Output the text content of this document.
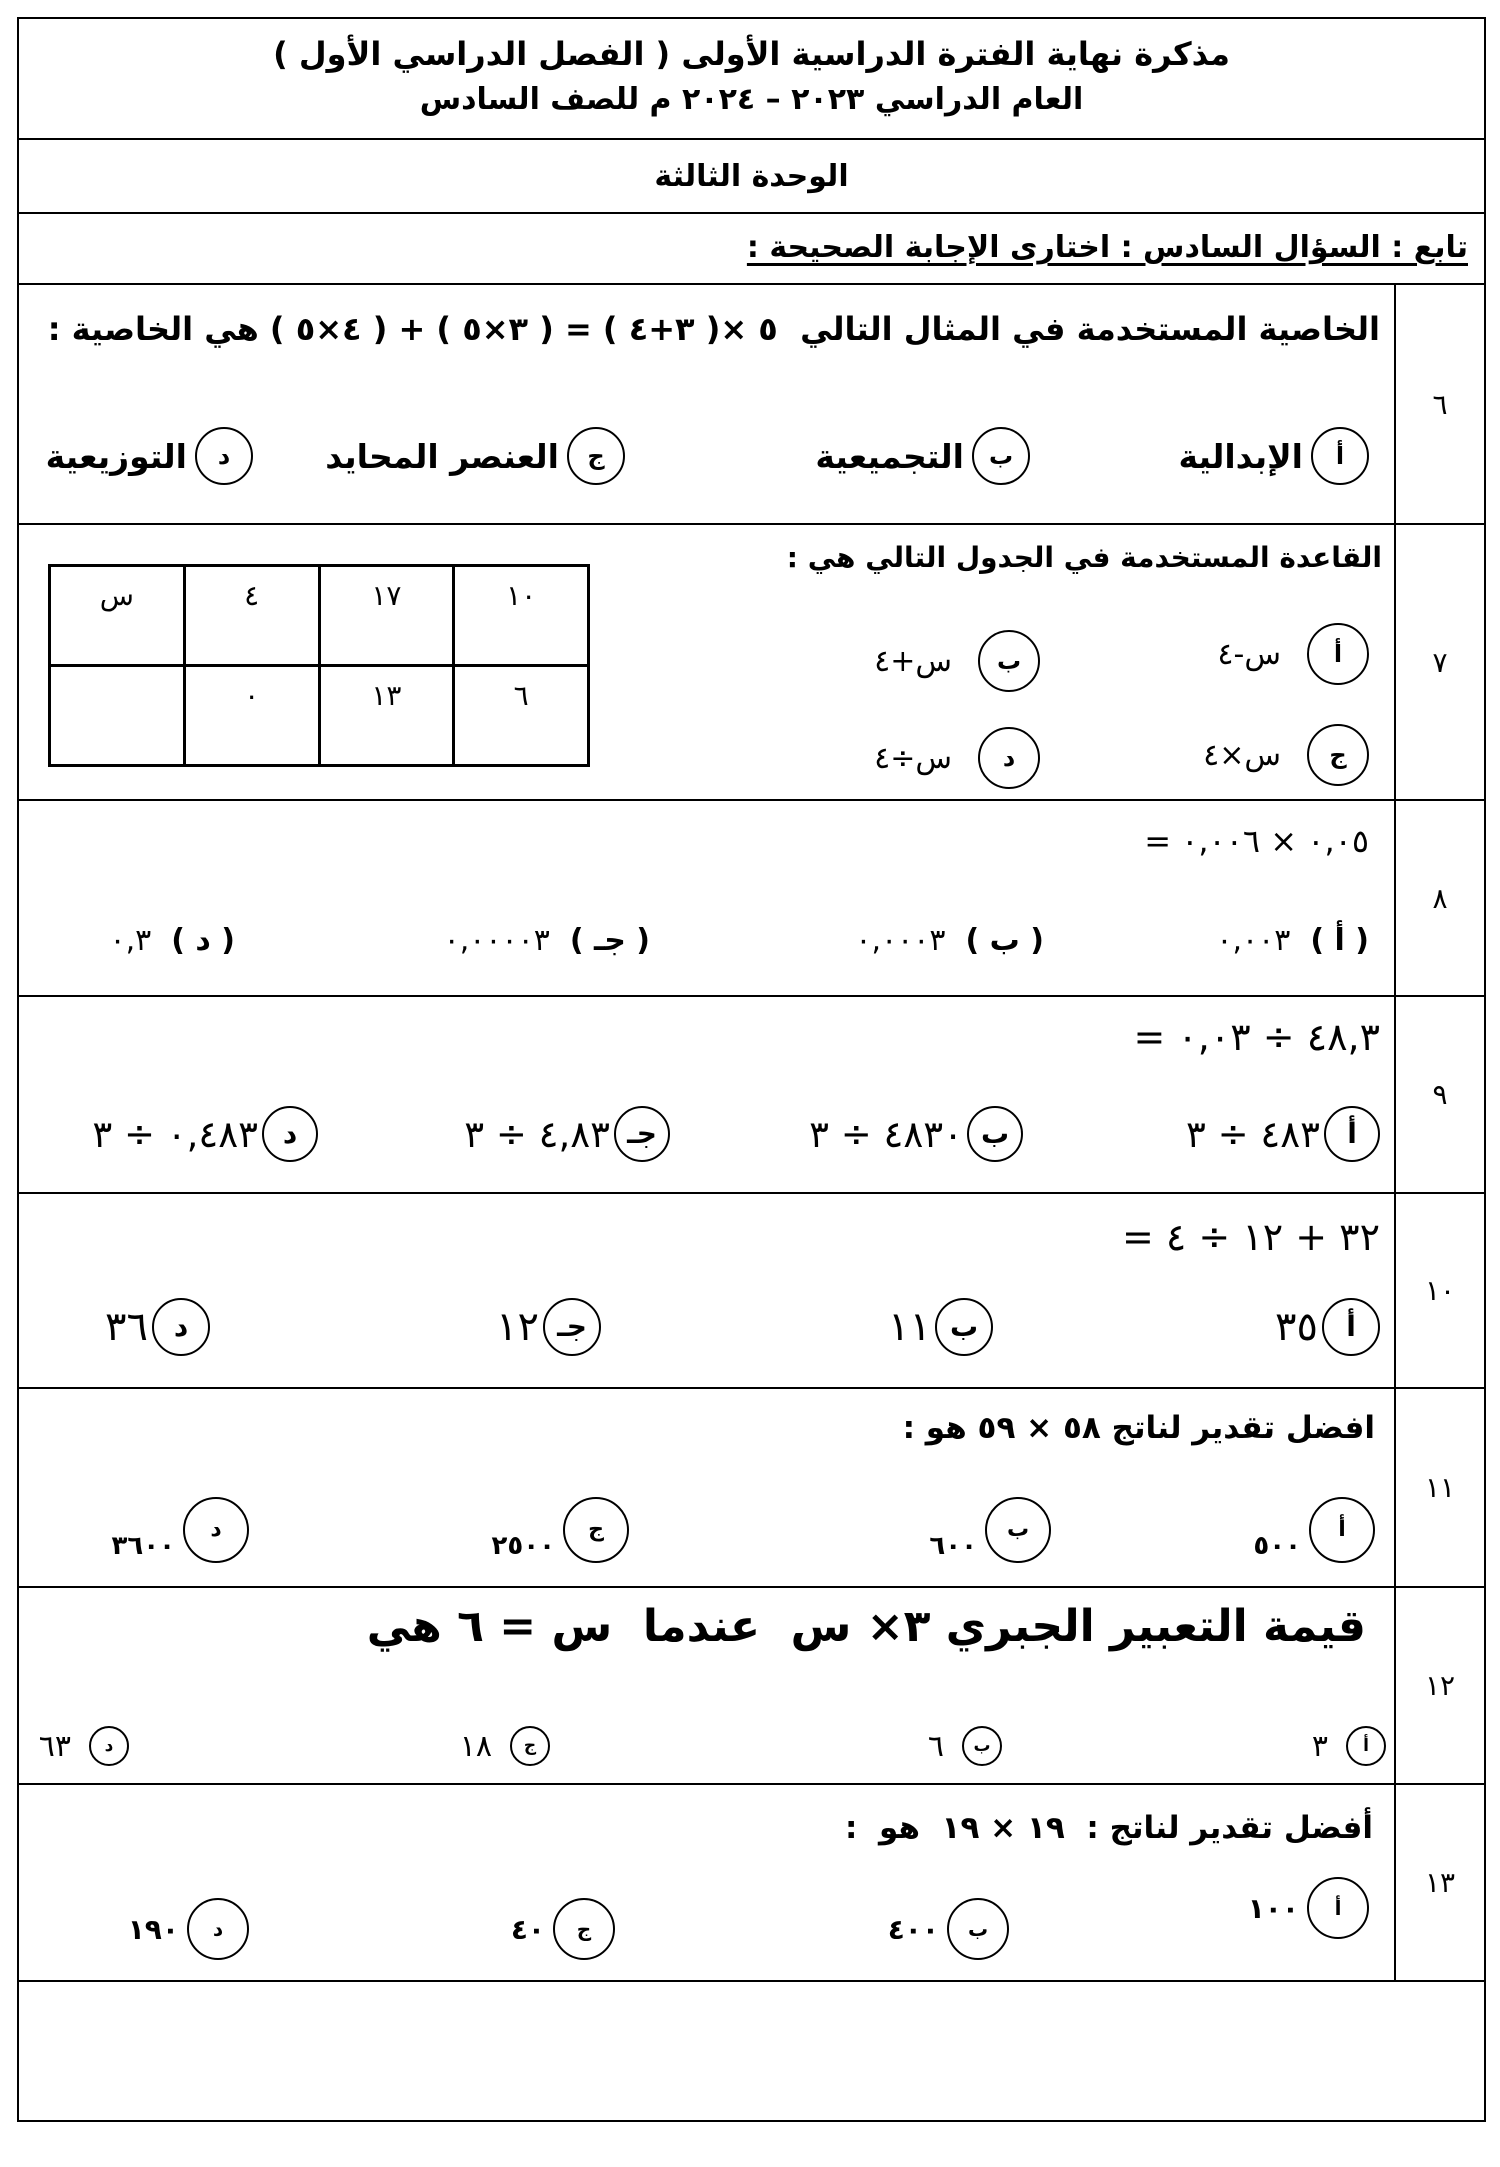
مذكرة نهاية الفترة الدراسية الأولى ( الفصل الدراسي الأول )
العام الدراسي ٢٠٢٣ – ٢٠٢٤ م للصف السادس
الوحدة الثالثة
تابع : السؤال السادس : اختارى الإجابة الصحيحة :
٦
الخاصية المستخدمة في المثال التالي  ٥ ×( ٣+٤ ) = ( ٣×٥ ) + ( ٤×٥ ) هي الخاصية :
أ
الإبدالية
ب
التجميعية
ج
العنصر المحايد
د
التوزيعية
٧
القاعدة المستخدمة في الجدول التالي هي :
١٠	١٧	٤	س
٦	١٣	٠	
أ
س-٤
ب
س+٤
ج
س×٤
د
س÷٤
٨
٠,٠٥ × ٠,٠٠٦ =
( أ )
٠,٠٠٣
( ب )
٠,٠٠٠٣
( جـ )
٠,٠٠٠٠٣
( د )
٠,٣
٩
٤٨,٣ ÷ ٠,٠٣ =
أ
٤٨٣ ÷ ٣
ب
٤٨٣٠ ÷ ٣
جـ
٤,٨٣ ÷ ٣
د
٠,٤٨٣ ÷ ٣
١٠
٣٢ + ١٢ ÷ ٤ =
أ
٣٥
ب
١١
جـ
١٢
د
٣٦
١١
افضل تقدير لناتج ٥٨ × ٥٩ هو :
أ
٥٠٠
ب
٦٠٠
ج
٢٥٠٠
د
٣٦٠٠
١٢
قيمة التعبير الجبري ٣× س  عندما  س = ٦ هي
أ
٣
ب
٦
ج
١٨
د
٦٣
١٣
أفضل تقدير لناتج :  ١٩ × ١٩  هو  :
أ
١٠٠
ب
٤٠٠
ج
٤٠
د
١٩٠
